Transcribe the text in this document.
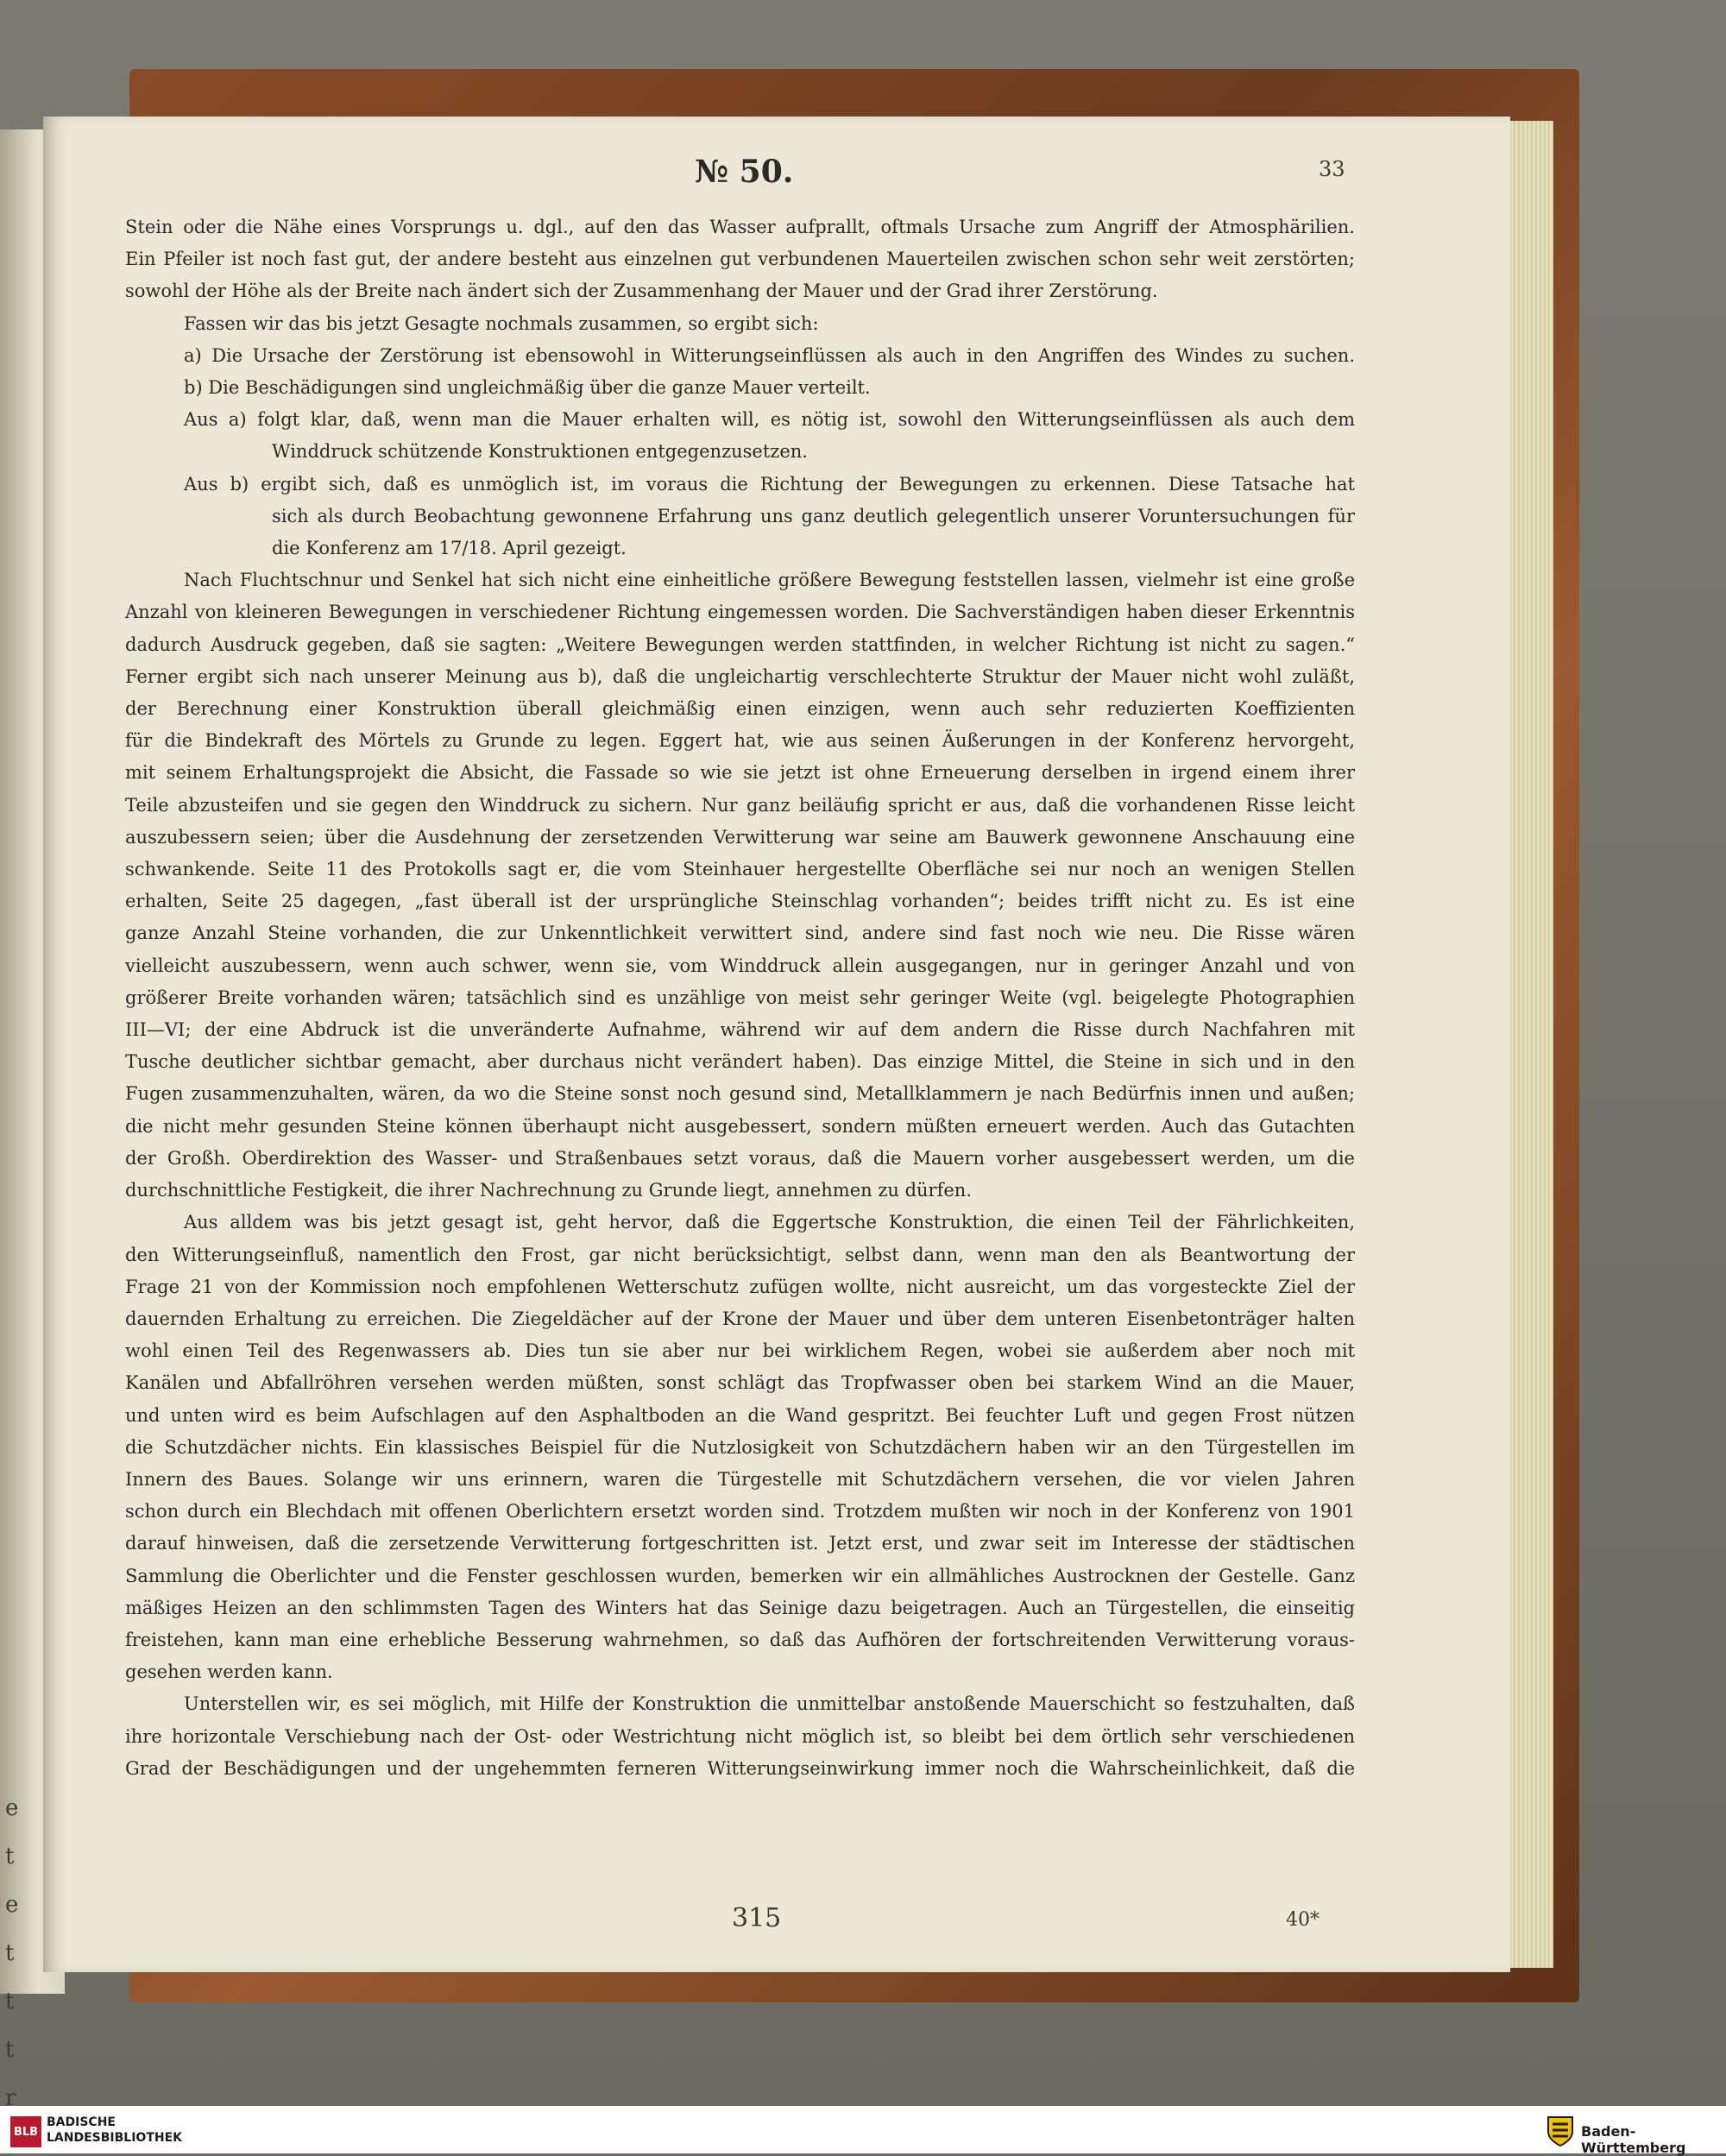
e
t
e
t
t
t
r
№ 50.	33

Stein oder die Nähe eines Vorsprungs u. dgl., auf den das Wasser aufprallt, oftmals Ursache zum Angriff der Atmosphärilien.

Ein Pfeiler ist noch fast gut, der andere besteht aus einzelnen gut verbundenen Mauerteilen zwischen schon sehr weit zerstörten;

sowohl der Höhe als der Breite nach ändert sich der Zusammenhang der Mauer und der Grad ihrer Zerstörung.

Fassen wir das bis jetzt Gesagte nochmals zusammen, so ergibt sich:

a) Die Ursache der Zerstörung ist ebensowohl in Witterungseinflüssen als auch in den Angriffen des Windes zu suchen.

b) Die Beschädigungen sind ungleichmäßig über die ganze Mauer verteilt.

Aus a) folgt klar, daß, wenn man die Mauer erhalten will, es nötig ist, sowohl den Witterungseinflüssen als auch dem

Winddruck schützende Konstruktionen entgegenzusetzen.

Aus b) ergibt sich, daß es unmöglich ist, im voraus die Richtung der Bewegungen zu erkennen. Diese Tatsache hat

sich als durch Beobachtung gewonnene Erfahrung uns ganz deutlich gelegentlich unserer Voruntersuchungen für

die Konferenz am 17/18. April gezeigt.

Nach Fluchtschnur und Senkel hat sich nicht eine einheitliche größere Bewegung feststellen lassen, vielmehr ist eine große

Anzahl von kleineren Bewegungen in verschiedener Richtung eingemessen worden. Die Sachverständigen haben dieser Erkenntnis

dadurch Ausdruck gegeben, daß sie sagten: „Weitere Bewegungen werden stattfinden, in welcher Richtung ist nicht zu sagen.“

Ferner ergibt sich nach unserer Meinung aus b), daß die ungleichartig verschlechterte Struktur der Mauer nicht wohl zuläßt,

der Berechnung einer Konstruktion überall gleichmäßig einen einzigen, wenn auch sehr reduzierten Koeffizienten

für die Bindekraft des Mörtels zu Grunde zu legen. Eggert hat, wie aus seinen Äußerungen in der Konferenz hervorgeht,

mit seinem Erhaltungsprojekt die Absicht, die Fassade so wie sie jetzt ist ohne Erneuerung derselben in irgend einem ihrer

Teile abzusteifen und sie gegen den Winddruck zu sichern. Nur ganz beiläufig spricht er aus, daß die vorhandenen Risse leicht

auszubessern seien; über die Ausdehnung der zersetzenden Verwitterung war seine am Bauwerk gewonnene Anschauung eine

schwankende. Seite 11 des Protokolls sagt er, die vom Steinhauer hergestellte Oberfläche sei nur noch an wenigen Stellen

erhalten, Seite 25 dagegen, „fast überall ist der ursprüngliche Steinschlag vorhanden“; beides trifft nicht zu. Es ist eine

ganze Anzahl Steine vorhanden, die zur Unkenntlichkeit verwittert sind, andere sind fast noch wie neu. Die Risse wären

vielleicht auszubessern, wenn auch schwer, wenn sie, vom Winddruck allein ausgegangen, nur in geringer Anzahl und von

größerer Breite vorhanden wären; tatsächlich sind es unzählige von meist sehr geringer Weite (vgl. beigelegte Photographien

III—VI; der eine Abdruck ist die unveränderte Aufnahme, während wir auf dem andern die Risse durch Nachfahren mit

Tusche deutlicher sichtbar gemacht, aber durchaus nicht verändert haben). Das einzige Mittel, die Steine in sich und in den

Fugen zusammenzuhalten, wären, da wo die Steine sonst noch gesund sind, Metallklammern je nach Bedürfnis innen und außen;

die nicht mehr gesunden Steine können überhaupt nicht ausgebessert, sondern müßten erneuert werden. Auch das Gutachten

der Großh. Oberdirektion des Wasser- und Straßenbaues setzt voraus, daß die Mauern vorher ausgebessert werden, um die

durchschnittliche Festigkeit, die ihrer Nachrechnung zu Grunde liegt, annehmen zu dürfen.

Aus alldem was bis jetzt gesagt ist, geht hervor, daß die Eggertsche Konstruktion, die einen Teil der Fährlichkeiten,

den Witterungseinfluß, namentlich den Frost, gar nicht berücksichtigt, selbst dann, wenn man den als Beantwortung der

Frage 21 von der Kommission noch empfohlenen Wetterschutz zufügen wollte, nicht ausreicht, um das vorgesteckte Ziel der

dauernden Erhaltung zu erreichen. Die Ziegeldächer auf der Krone der Mauer und über dem unteren Eisenbetonträger halten

wohl einen Teil des Regenwassers ab. Dies tun sie aber nur bei wirklichem Regen, wobei sie außerdem aber noch mit

Kanälen und Abfallröhren versehen werden müßten, sonst schlägt das Tropfwasser oben bei starkem Wind an die Mauer,

und unten wird es beim Aufschlagen auf den Asphaltboden an die Wand gespritzt. Bei feuchter Luft und gegen Frost nützen

die Schutzdächer nichts. Ein klassisches Beispiel für die Nutzlosigkeit von Schutzdächern haben wir an den Türgestellen im

Innern des Baues. Solange wir uns erinnern, waren die Türgestelle mit Schutzdächern versehen, die vor vielen Jahren

schon durch ein Blechdach mit offenen Oberlichtern ersetzt worden sind. Trotzdem mußten wir noch in der Konferenz von 1901

darauf hinweisen, daß die zersetzende Verwitterung fortgeschritten ist. Jetzt erst, und zwar seit im Interesse der städtischen

Sammlung die Oberlichter und die Fenster geschlossen wurden, bemerken wir ein allmähliches Austrocknen der Gestelle. Ganz

mäßiges Heizen an den schlimmsten Tagen des Winters hat das Seinige dazu beigetragen. Auch an Türgestellen, die einseitig

freistehen, kann man eine erhebliche Besserung wahrnehmen, so daß das Aufhören der fortschreitenden Verwitterung voraus-

gesehen werden kann.

Unterstellen wir, es sei möglich, mit Hilfe der Konstruktion die unmittelbar anstoßende Mauerschicht so festzuhalten, daß

ihre horizontale Verschiebung nach der Ost- oder Westrichtung nicht möglich ist, so bleibt bei dem örtlich sehr verschiedenen

Grad der Beschädigungen und der ungehemmten ferneren Witterungseinwirkung immer noch die Wahrscheinlichkeit, daß die

315	40*
BLB
BADISCHE
LANDESBIBLIOTHEK	Baden-Württemberg
